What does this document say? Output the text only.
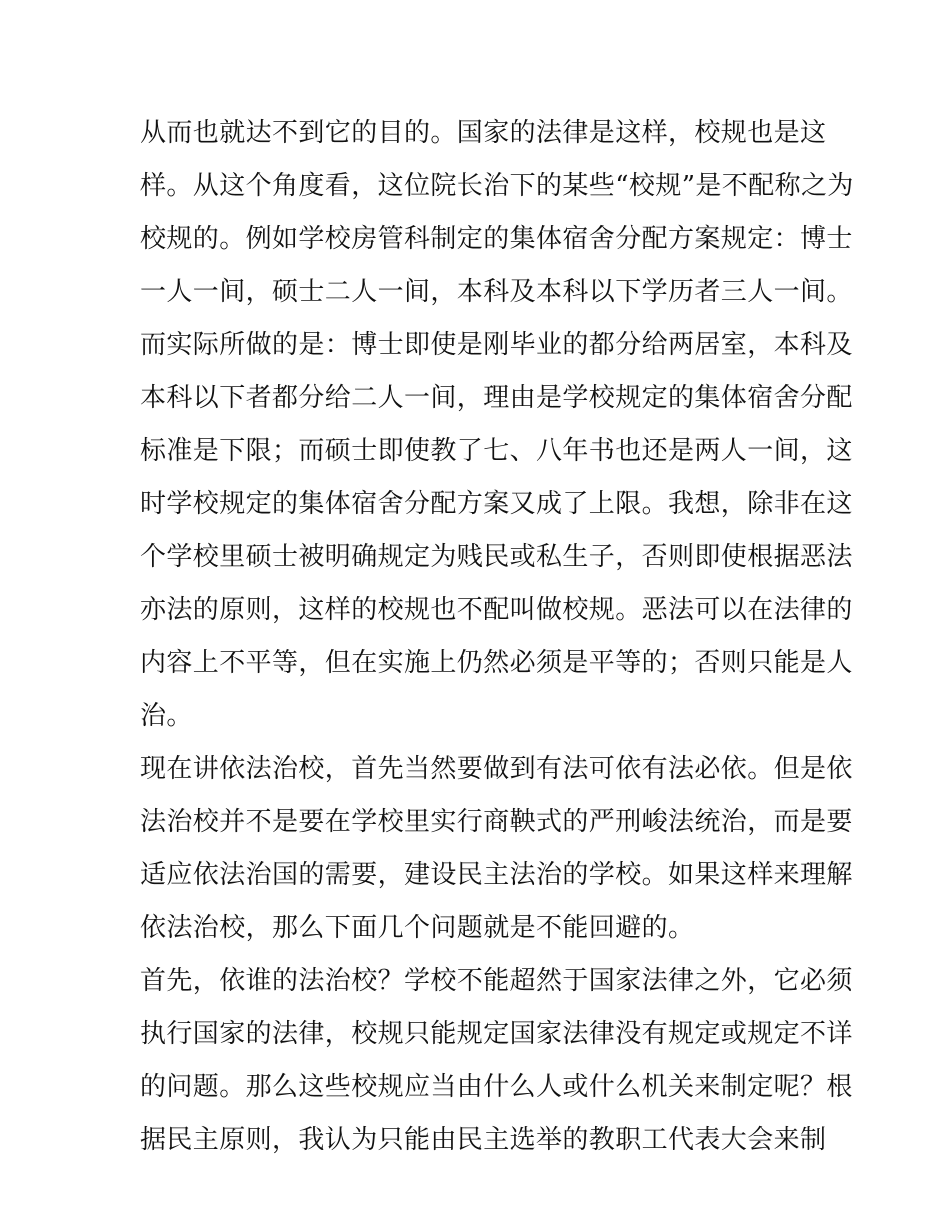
从而也就达不到它的目的。国家的法律是这样，校规也是这
样。从这个角度看，这位院长治下的某些“校规”是不配称之为
校规的。例如学校房管科制定的集体宿舍分配方案规定：博士
一人一间，硕士二人一间，本科及本科以下学历者三人一间。
而实际所做的是：博士即使是刚毕业的都分给两居室，本科及
本科以下者都分给二人一间，理由是学校规定的集体宿舍分配
标准是下限；而硕士即使教了七、八年书也还是两人一间，这
时学校规定的集体宿舍分配方案又成了上限。我想，除非在这
个学校里硕士被明确规定为贱民或私生子，否则即使根据恶法
亦法的原则，这样的校规也不配叫做校规。恶法可以在法律的
内容上不平等，但在实施上仍然必须是平等的；否则只能是人
治。
现在讲依法治校，首先当然要做到有法可依有法必依。但是依
法治校并不是要在学校里实行商鞅式的严刑峻法统治，而是要
适应依法治国的需要，建设民主法治的学校。如果这样来理解
依法治校，那么下面几个问题就是不能回避的。
首先，依谁的法治校？学校不能超然于国家法律之外，它必须
执行国家的法律，校规只能规定国家法律没有规定或规定不详
的问题。那么这些校规应当由什么人或什么机关来制定呢？根
据民主原则，我认为只能由民主选举的教职工代表大会来制
